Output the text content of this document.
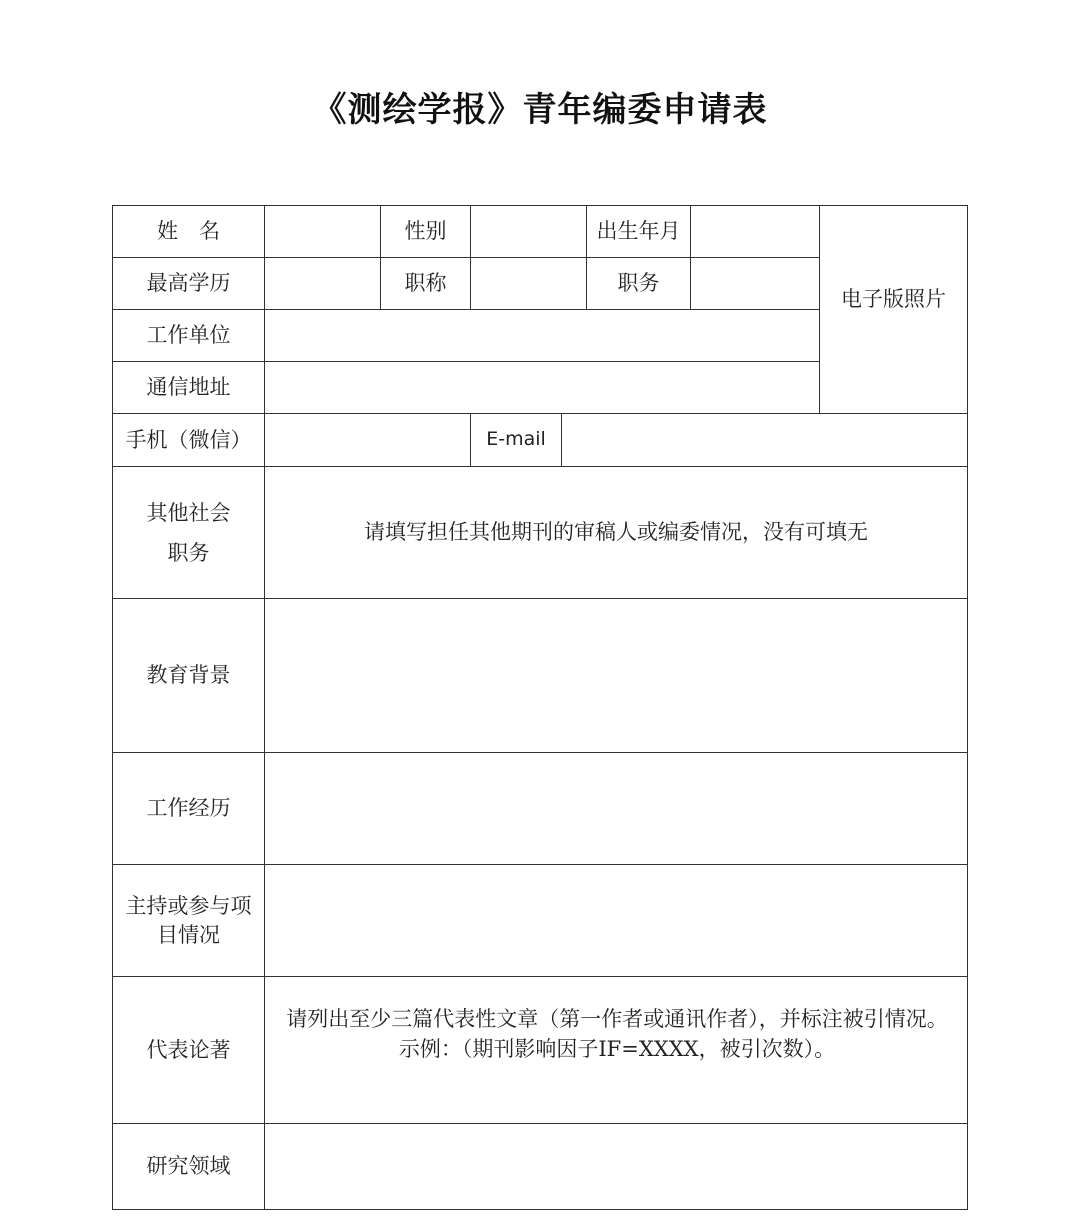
《测绘学报》青年编委申请表
姓　名		性别		出生年月		电子版照片
最高学历		职称		职务		
工作单位						
通信地址						
手机（微信）			E-mail			

其他社会
职务	请填写担任其他期刊的审稿人或编委情况，没有可填无					
教育背景						
工作经历						

主持或参与项
目情况						

代表论著	请列出至少三篇代表性文章（第一作者或通讯作者），并标注被引情况。
示例：（期刊影响因子IF=XXXX，被引次数）。					

研究领域						
